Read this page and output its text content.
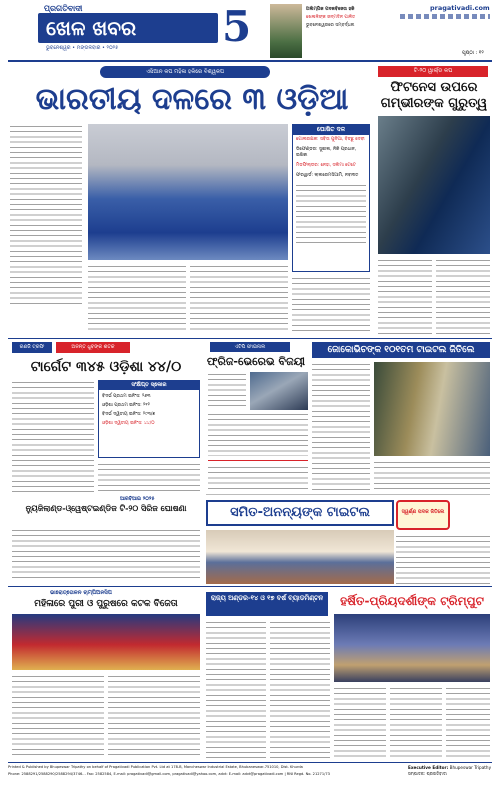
ପ୍ରଗତିବାଦୀ
ଖେଳ ଖବର
ଭୁବନେଶ୍ୱର • ମଙ୍ଗଳବାର • ୨୦୨୫ 5	ଅଲିମ୍ପିକ ପଦକବିଜେତା ହକି
ଖେଳାଳିଙ୍କ ଜନ୍ମଦିନ ପାଳିତ
ଭୁବନେଶ୍ୱରରେ ସମ୍ବର୍ଦ୍ଧନା
pragativadi.com
ପୃଷ୍ଠା : ୧୨
ଏସିଆନ କପ ମହିଳା ହକିରେ ବିଶ୍ୱକପ
ଭାରତୀୟ ଦଳରେ ୩ ଓଡ଼ିଆ
ଘୋଷିତ ଦଳ
ଗୋଲରକ୍ଷକ: ସବିତା ପୁନିଆ, ବିଚ୍ଛୁ ଦେବୀ
ଡିଫେଣ୍ଡର: ସୁଶୀଳା, ନିକି ପ୍ରଧାନ, ଇଶିକା
ମିଡଫିଲ୍ଡର: ନେହା, ସଲିମା ଟେଟେ
ଫରୱାର୍ଡ: ଲାଲରେମସିଆମି, ନବନୀତ
ଟି-୨୦ ୱାର୍ଲ୍ଡ କପ
ଫିଟନେସ ଉପରେ ଗମ୍ଭୀରଙ୍କ ଗୁରୁତ୍ୱ
ରଣଜି ଟ୍ରଫି	ଅନନ୍ତ ଧୁବଙ୍କ ଶତକ
ଟାର୍ଗେଟ ୩୪୫ ଓଡ଼ିଶା ୪୪/୦
ସଂକ୍ଷିପ୍ତ ସ୍କୋର
ବିଦର୍ଭ ପ୍ରଥମ ଇନିଂସ: ୨୬୩
ଓଡ଼ିଶା ପ୍ରଥମ ଇନିଂସ: ୨୧୨
ବିଦର୍ଭ ଦ୍ୱିତୀୟ ଇନିଂସ: ୨୯୩/୭
ଓଡ଼ିଶା ଦ୍ୱିତୀୟ ଇନିଂସ: ୪୪/୦
ଆରବିଆଇ ୨୦୨୫
ନ୍ୟୁଜିଲାଣ୍ଡ-ଓ୍ୱେଷ୍ଟଇଣ୍ଡିଜ ଟି-୨୦ ସିରିଜ ଘୋଷଣା
ଏଟିପି ଫାଇନାଲ
ଫ୍ରିଜ-ଭେରେଭ ବିଜୟୀ
ଜୋକୋଭିଚଙ୍କ ୧୦୧ତମ ଟାଇଟଲ ଜିତିଲେ
ସମିତ-ଅନନ୍ୟଙ୍କ ଟାଇଟଲ	ସ୍ୱର୍ଣ୍ଣ ପଦକ ଜିତିଲେ
ଭାରୋତ୍ତୋଳନ ଚାମ୍ପିଅନସିପ
ମହିଳାରେ ପୁରୀ ଓ ପୁରୁଷରେ କଟକ ବିଜେତା
ରାଜ୍ୟ ଅଣ୍ଡର-୧୪ ଓ ୧୭ ବର୍ଷ ବ୍ୟାଡମିଣ୍ଟନ	ହର୍ଷିତ-ପ୍ରିୟଦର୍ଶୀଙ୍କ ଟ୍ରିମ୍ପୁଟ
Printed & Published by Bhupeswar Tripathy on behalf of Pragativadi Publication Pvt. Ltd at 178-B, Mancheswar Industrial Estate, Bhubaneswar-751010, Dist. Khurda
Phone: 2588291/2588290/2588294/3746... Fax: 2582584, E-mail: pragativadi@gmail.com, pragativadi@yahoo.com, advt: E-mail: advt@pragativadi.com | RNI Regd. No. 21271/73
Executive Editor: Bhupeswar Tripathy
ସମ୍ପାଦକ: ପ୍ରଗତିବାଦୀ
